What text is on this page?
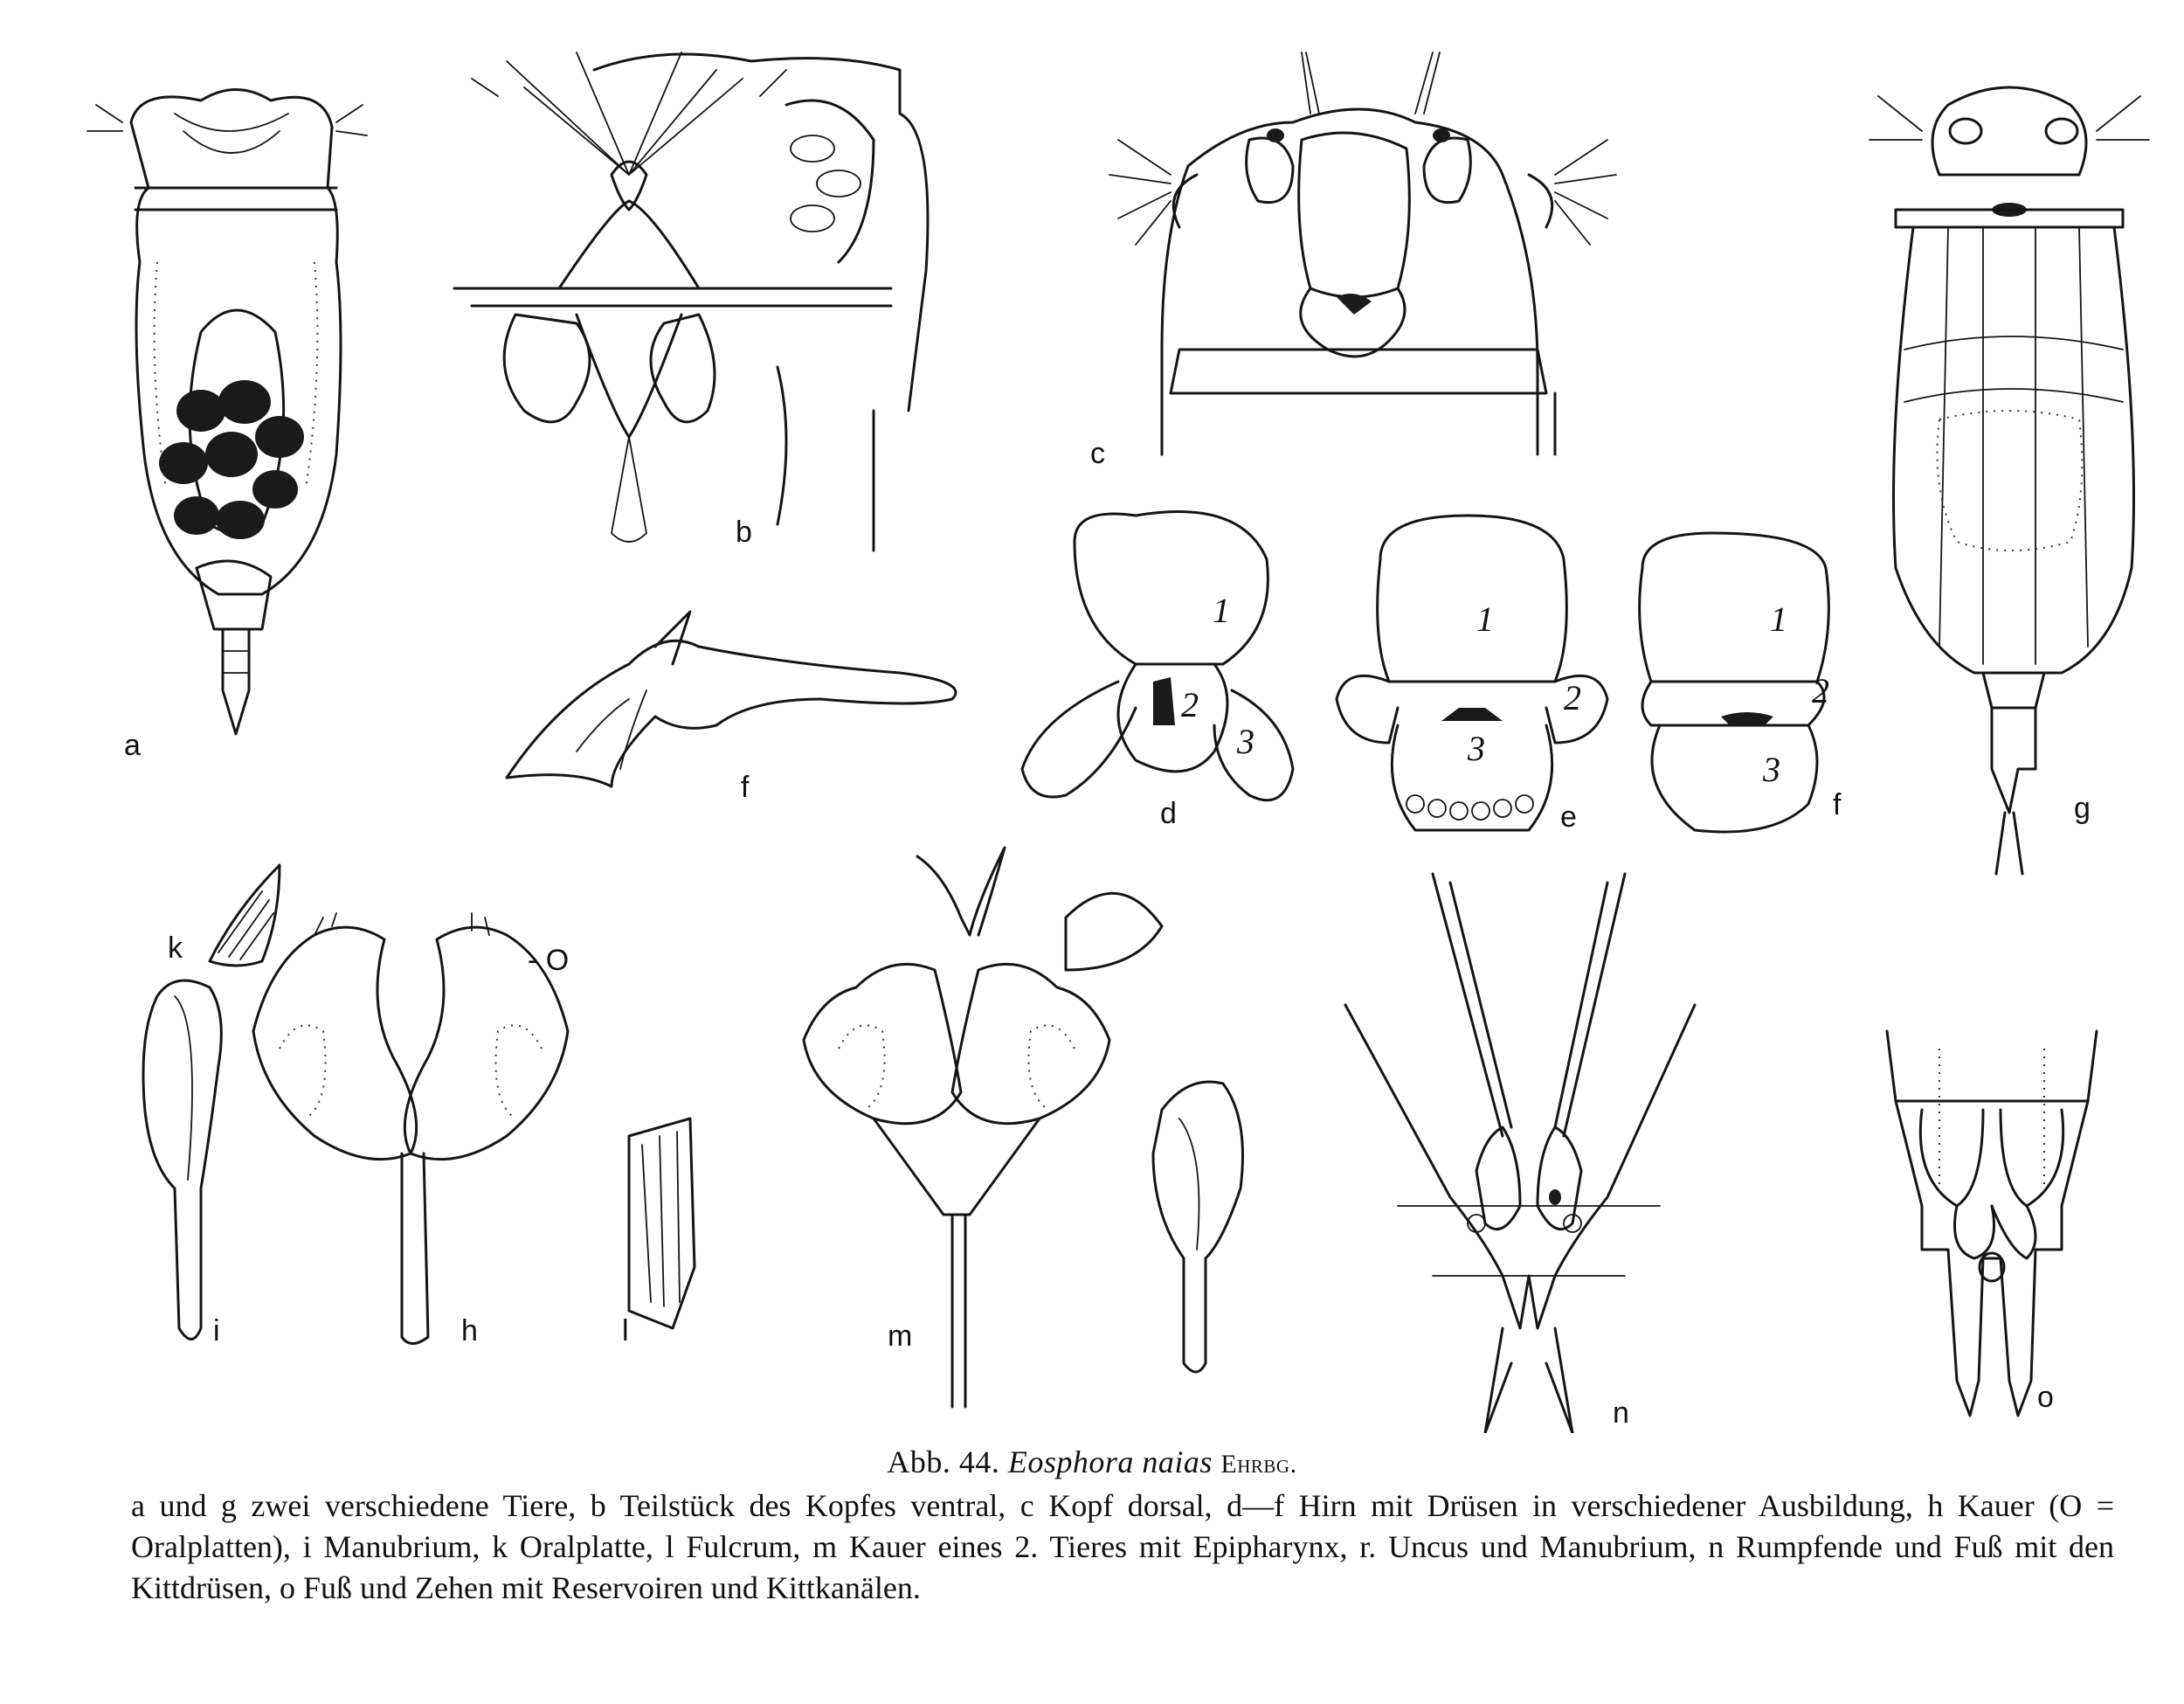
a
b
c
f
d	e	f	g
k	- O
i	h	l	m
n	o
1
2
3
1
2
3
1
2
3
Abb. 44. Eosphora naias Ehrbg.
a und g zwei verschiedene Tiere, b Teilstück des Kopfes ventral, c Kopf dorsal, d—f Hirn mit Drüsen in verschiedener Ausbildung, h Kauer (O = Oralplatten), i Manubrium, k Oralplatte, l Fulcrum, m Kauer eines 2. Tieres mit Epipharynx, r. Uncus und Manubrium, n Rumpfende und Fuß mit den Kittdrüsen, o Fuß und Zehen mit Reservoiren und Kittkanälen.
